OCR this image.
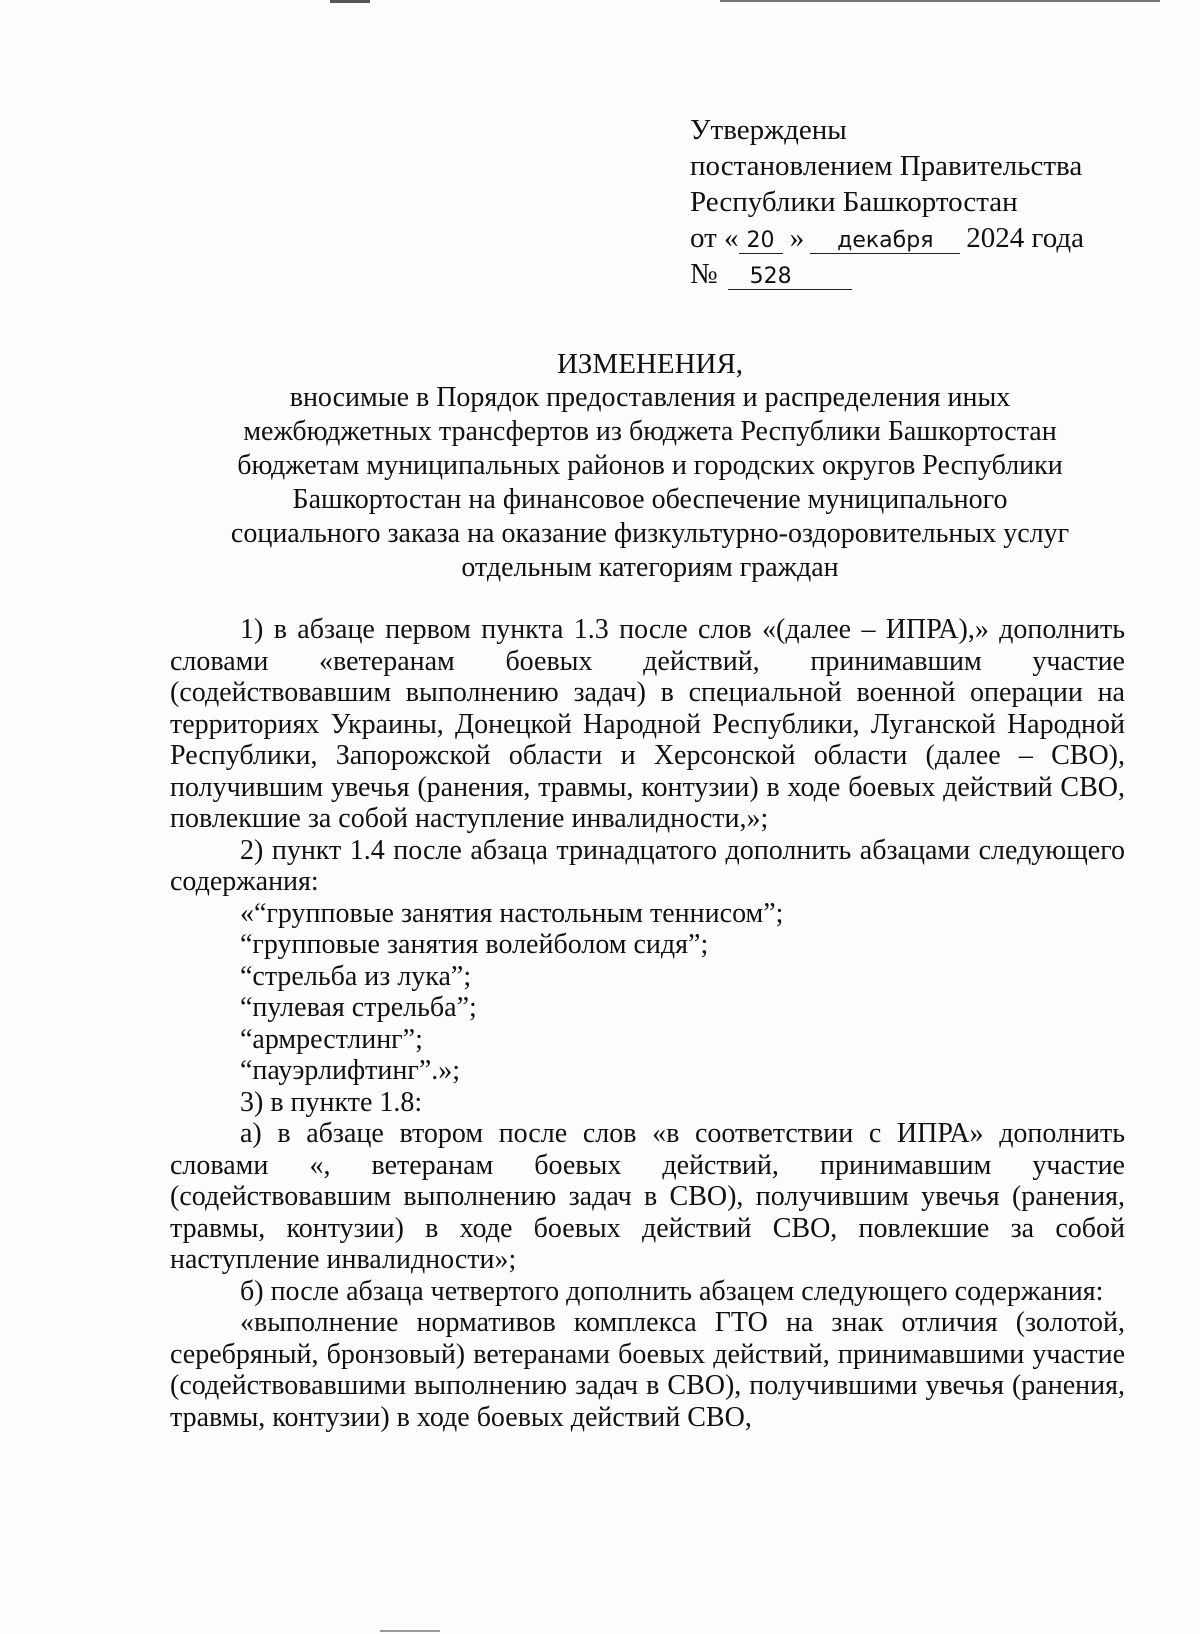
Утверждены
постановлением Правительства
Республики Башкортостан
от « 20 » декабря 2024 года
№ 528
ИЗМЕНЕНИЯ,
вносимые в Порядок предоставления и распределения иных
межбюджетных трансфертов из бюджета Республики Башкортостан
бюджетам муниципальных районов и городских округов Республики
Башкортостан на финансовое обеспечение муниципального
социального заказа на оказание физкультурно-оздоровительных услуг
отдельным категориям граждан

1) в абзаце первом пункта 1.3 после слов «(далее – ИПРА),» дополнить словами «ветеранам боевых действий, принимавшим участие (содействовавшим выполнению задач) в специальной военной операции на территориях Украины, Донецкой Народной Республики, Луганской Народной Республики, Запорожской области и Херсонской области (далее – СВО), получившим увечья (ранения, травмы, контузии) в ходе боевых действий СВО, повлекшие за собой наступление инвалидности,»;

2) пункт 1.4 после абзаца тринадцатого дополнить абзацами следующего содержания:

«“групповые занятия настольным теннисом”;

“групповые занятия волейболом сидя”;

“стрельба из лука”;

“пулевая стрельба”;

“армрестлинг”;

“пауэрлифтинг”.»;

3) в пункте 1.8:

а) в абзаце втором после слов «в соответствии с ИПРА» дополнить словами «, ветеранам боевых действий, принимавшим участие (содействовавшим выполнению задач в СВО), получившим увечья (ранения, травмы, контузии) в ходе боевых действий СВО, повлекшие за собой наступление инвалидности»;

б) после абзаца четвертого дополнить абзацем следующего содержания:

«выполнение нормативов комплекса ГТО на знак отличия (золотой, серебряный, бронзовый) ветеранами боевых действий, принимавшими участие (содействовавшими выполнению задач в СВО), получившими увечья (ранения, травмы, контузии) в ходе боевых действий СВО,
